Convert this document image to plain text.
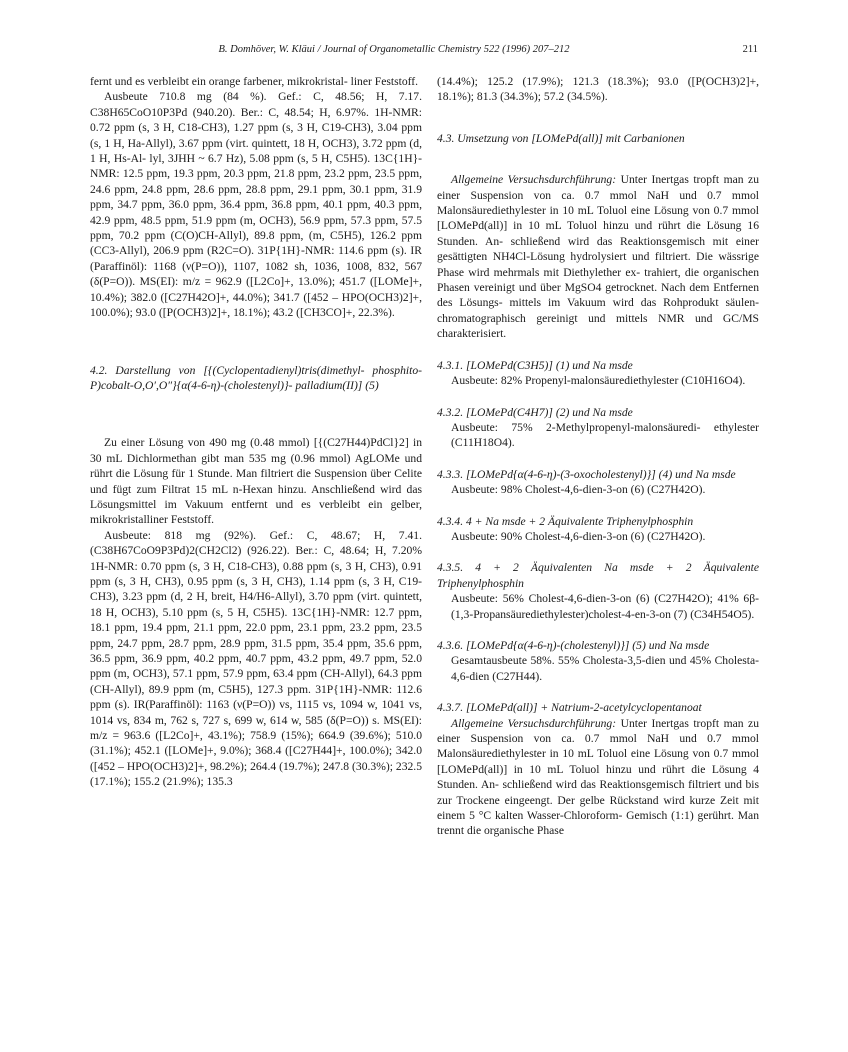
B. Domhöver, W. Kläui / Journal of Organometallic Chemistry 522 (1996) 207–212	211

fernt und es verbleibt ein orange farbener, mikrokristal- liner Feststoff.

Ausbeute 710.8 mg (84 %). Gef.: C, 48.56; H, 7.17. C38H65CoO10P3Pd (940.20). Ber.: C, 48.54; H, 6.97%. 1H-NMR: 0.72 ppm (s, 3 H, C18-CH3), 1.27 ppm (s, 3 H, C19-CH3), 3.04 ppm (s, 1 H, Ha-Allyl), 3.67 ppm (virt. quintett, 18 H, OCH3), 3.72 ppm (d, 1 H, Hs-Al- lyl, 3JHH ~ 6.7 Hz), 5.08 ppm (s, 5 H, C5H5). 13C{1H}- NMR: 12.5 ppm, 19.3 ppm, 20.3 ppm, 21.8 ppm, 23.2 ppm, 23.5 ppm, 24.6 ppm, 24.8 ppm, 28.6 ppm, 28.8 ppm, 29.1 ppm, 30.1 ppm, 31.9 ppm, 34.7 ppm, 36.0 ppm, 36.4 ppm, 36.8 ppm, 40.1 ppm, 40.3 ppm, 42.9 ppm, 48.5 ppm, 51.9 ppm (m, OCH3), 56.9 ppm, 57.3 ppm, 57.5 ppm, 70.2 ppm (C(O)CH-Allyl), 89.8 ppm, (m, C5H5), 126.2 ppm (CC3-Allyl), 206.9 ppm (R2C=O). 31P{1H}-NMR: 114.6 ppm (s). IR (Paraffinöl): 1168 (ν(P=O)), 1107, 1082 sh, 1036, 1008, 832, 567 (δ(P=O)). MS(EI): m/z = 962.9 ([L2Co]+, 13.0%); 451.7 ([LOMe]+, 10.4%); 382.0 ([C27H42O]+, 44.0%); 341.7 ([452 – HPO(OCH3)2]+, 100.0%); 93.0 ([P(OCH3)2]+, 18.1%); 43.2 ([CH3CO]+, 22.3%).

4.2. Darstellung von [{(Cyclopentadienyl)tris(dimethyl- phosphito-P)cobalt-O,O′,O″}{α(4-6-η)-(cholestenyl)}- palladium(II)] (5)

Zu einer Lösung von 490 mg (0.48 mmol) [{(C27H44)PdCl}2] in 30 mL Dichlormethan gibt man 535 mg (0.96 mmol) AgLOMe und rührt die Lösung für 1 Stunde. Man filtriert die Suspension über Celite und fügt zum Filtrat 15 mL n-Hexan hinzu. Anschließend wird das Lösungsmittel im Vakuum entfernt und es verbleibt ein gelber, mikrokristalliner Feststoff.

Ausbeute: 818 mg (92%). Gef.: C, 48.67; H, 7.41. (C38H67CoO9P3Pd)2(CH2Cl2) (926.22). Ber.: C, 48.64; H, 7.20% 1H-NMR: 0.70 ppm (s, 3 H, C18-CH3), 0.88 ppm (s, 3 H, CH3), 0.91 ppm (s, 3 H, CH3), 0.95 ppm (s, 3 H, CH3), 1.14 ppm (s, 3 H, C19-CH3), 3.23 ppm (d, 2 H, breit, H4/H6-Allyl), 3.70 ppm (virt. quintett, 18 H, OCH3), 5.10 ppm (s, 5 H, C5H5). 13C{1H}-NMR: 12.7 ppm, 18.1 ppm, 19.4 ppm, 21.1 ppm, 22.0 ppm, 23.1 ppm, 23.2 ppm, 23.5 ppm, 24.7 ppm, 28.7 ppm, 28.9 ppm, 31.5 ppm, 35.4 ppm, 35.6 ppm, 36.5 ppm, 36.9 ppm, 40.2 ppm, 40.7 ppm, 43.2 ppm, 49.7 ppm, 52.0 ppm (m, OCH3), 57.1 ppm, 57.9 ppm, 63.4 ppm (CH-Allyl), 64.3 ppm (CH-Allyl), 89.9 ppm (m, C5H5), 127.3 ppm. 31P{1H}-NMR: 112.6 ppm (s). IR(Paraffinöl): 1163 (ν(P=O)) vs, 1115 vs, 1094 w, 1041 vs, 1014 vs, 834 m, 762 s, 727 s, 699 w, 614 w, 585 (δ(P=O)) s. MS(EI): m/z = 963.6 ([L2Co]+, 43.1%); 758.9 (15%); 664.9 (39.6%); 510.0 (31.1%); 452.1 ([LOMe]+, 9.0%); 368.4 ([C27H44]+, 100.0%); 342.0 ([452 – HPO(OCH3)2]+, 98.2%); 264.4 (19.7%); 247.8 (30.3%); 232.5 (17.1%); 155.2 (21.9%); 135.3

(14.4%); 125.2 (17.9%); 121.3 (18.3%); 93.0 ([P(OCH3)2]+, 18.1%); 81.3 (34.3%); 57.2 (34.5%).

4.3. Umsetzung von [LOMePd(all)] mit Carbanionen

Allgemeine Versuchsdurchführung: Unter Inertgas tropft man zu einer Suspension von ca. 0.7 mmol NaH und 0.7 mmol Malonsäurediethylester in 10 mL Toluol eine Lösung von 0.7 mmol [LOMePd(all)] in 10 mL Toluol hinzu und rührt die Lösung 16 Stunden. An- schließend wird das Reaktionsgemisch mit einer gesättigten NH4Cl-Lösung hydrolysiert und filtriert. Die wässrige Phase wird mehrmals mit Diethylether ex- trahiert, die organischen Phasen vereinigt und über MgSO4 getrocknet. Nach dem Entfernen des Lösungs- mittels im Vakuum wird das Rohprodukt säulen- chromatographisch gereinigt und mittels NMR und GC/MS charakterisiert.

4.3.1. [LOMePd(C3H5)] (1) und Na msde

Ausbeute: 82% Propenyl-malonsäurediethylester (C10H16O4).

4.3.2. [LOMePd(C4H7)] (2) und Na msde

Ausbeute: 75% 2-Methylpropenyl-malonsäuredi- ethylester (C11H18O4).

4.3.3. [LOMePd{α(4-6-η)-(3-oxocholestenyl)}] (4) und Na msde

Ausbeute: 98% Cholest-4,6-dien-3-on (6) (C27H42O).

4.3.4. 4 + Na msde + 2 Äquivalente Triphenylphosphin

Ausbeute: 90% Cholest-4,6-dien-3-on (6) (C27H42O).

4.3.5. 4 + 2 Äquivalenten Na msde + 2 Äquivalente Triphenylphosphin

Ausbeute: 56% Cholest-4,6-dien-3-on (6) (C27H42O); 41% 6β-(1,3-Propansäurediethylester)cholest-4-en-3-on (7) (C34H54O5).

4.3.6. [LOMePd{α(4-6-η)-(cholestenyl)}] (5) und Na msde

Gesamtausbeute 58%. 55% Cholesta-3,5-dien und 45% Cholesta-4,6-dien (C27H44).

4.3.7. [LOMePd(all)] + Natrium-2-acetylcyclopentanoat

Allgemeine Versuchsdurchführung: Unter Inertgas tropft man zu einer Suspension von ca. 0.7 mmol NaH und 0.7 mmol Malonsäurediethylester in 10 mL Toluol eine Lösung von 0.7 mmol [LOMePd(all)] in 10 mL Toluol hinzu und rührt die Lösung 4 Stunden. An- schließend wird das Reaktionsgemisch filtriert und bis zur Trockene eingeengt. Der gelbe Rückstand wird kurze Zeit mit einem 5 °C kalten Wasser-Chloroform- Gemisch (1:1) gerührt. Man trennt die organische Phase
